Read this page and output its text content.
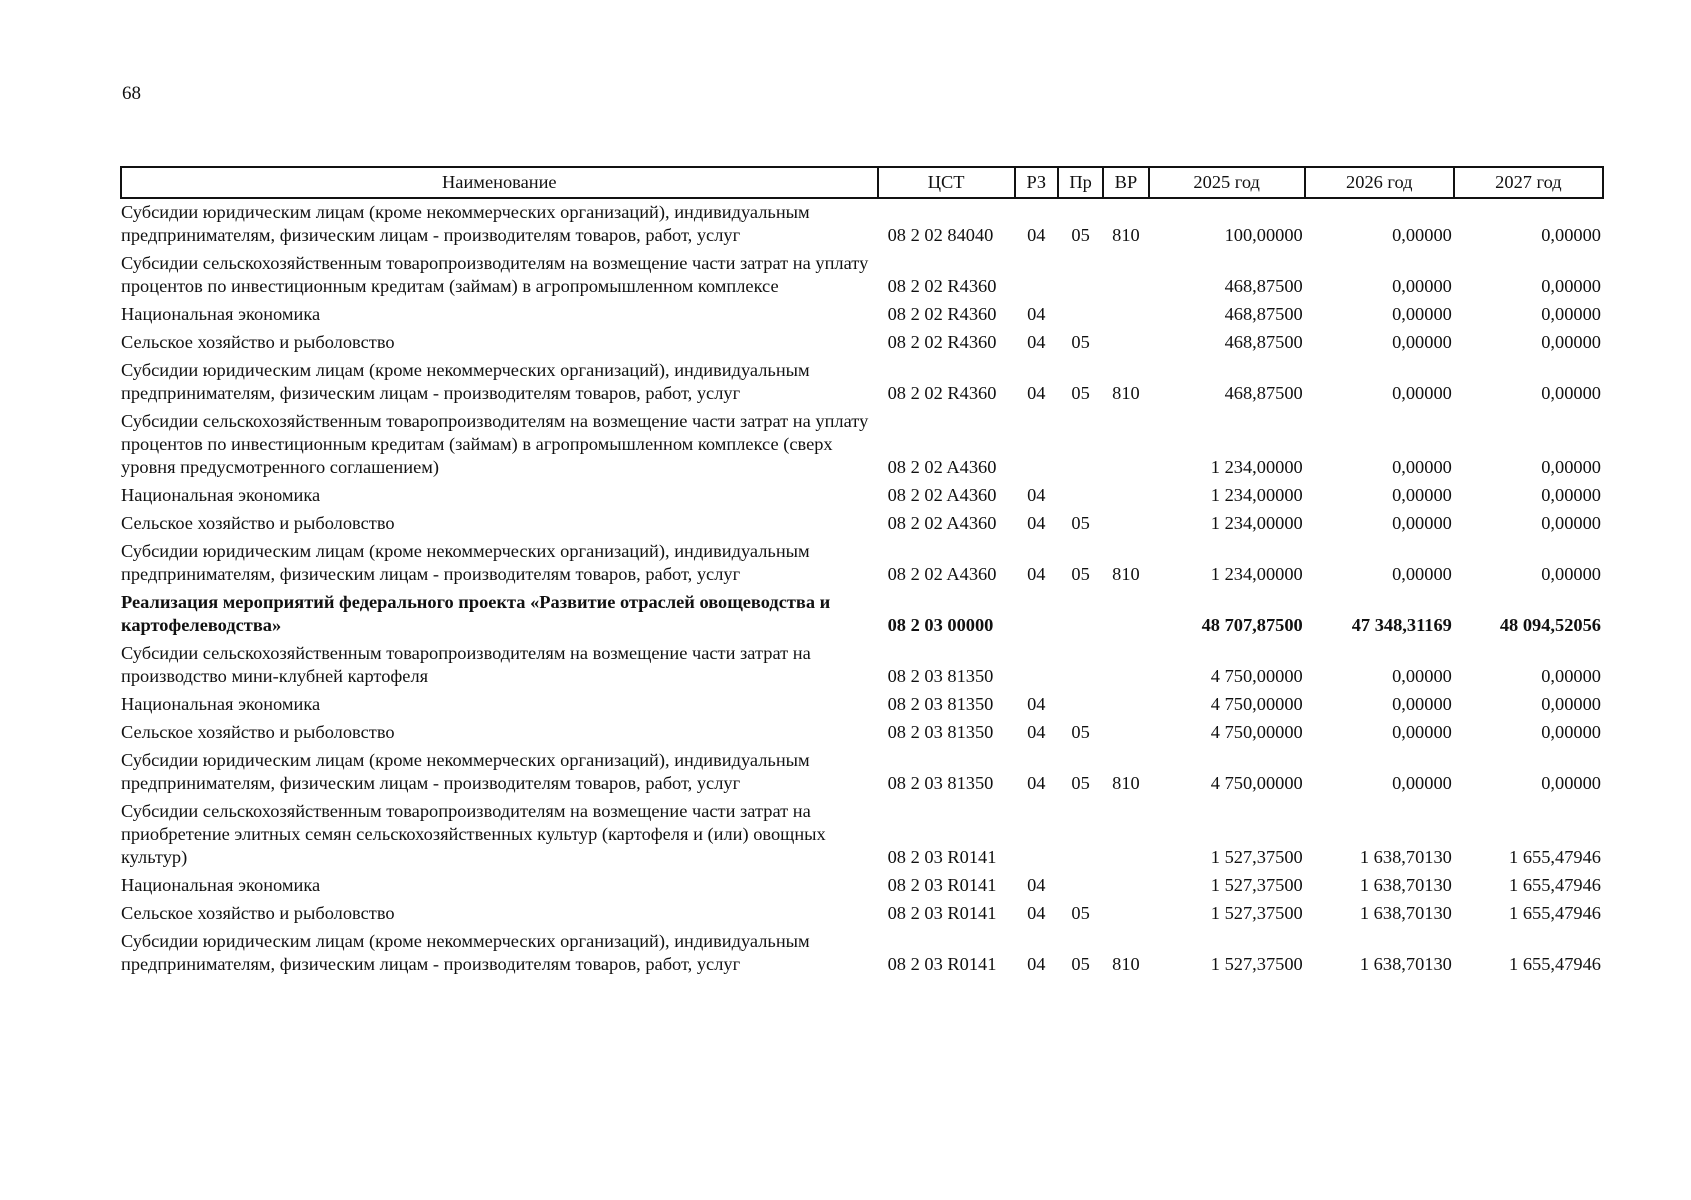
68
Наименование	ЦСТ	РЗ	Пр	ВР	2025 год	2026 год	2027 год
Субсидии юридическим лицам (кроме некоммерческих организаций), индивидуальным предпринимателям, физическим лицам - производителям товаров, работ, услуг	08 2 02 84040	04	05	810	100,00000	0,00000	0,00000
Субсидии сельскохозяйственным товаропроизводителям на возмещение части затрат на уплату процентов по инвестиционным кредитам (займам) в агропромышленном комплексе	08 2 02 R4360				468,87500	0,00000	0,00000
Национальная экономика	08 2 02 R4360	04			468,87500	0,00000	0,00000
Сельское хозяйство и рыболовство	08 2 02 R4360	04	05		468,87500	0,00000	0,00000
Субсидии юридическим лицам (кроме некоммерческих организаций), индивидуальным предпринимателям, физическим лицам - производителям товаров, работ, услуг	08 2 02 R4360	04	05	810	468,87500	0,00000	0,00000
Субсидии сельскохозяйственным товаропроизводителям на возмещение части затрат на уплату процентов по инвестиционным кредитам (займам) в агропромышленном комплексе (сверх уровня предусмотренного соглашением)	08 2 02 A4360				1 234,00000	0,00000	0,00000
Национальная экономика	08 2 02 A4360	04			1 234,00000	0,00000	0,00000
Сельское хозяйство и рыболовство	08 2 02 A4360	04	05		1 234,00000	0,00000	0,00000
Субсидии юридическим лицам (кроме некоммерческих организаций), индивидуальным предпринимателям, физическим лицам - производителям товаров, работ, услуг	08 2 02 A4360	04	05	810	1 234,00000	0,00000	0,00000
Реализация мероприятий федерального проекта «Развитие отраслей овощеводства и картофелеводства»	08 2 03 00000				48 707,87500	47 348,31169	48 094,52056
Субсидии сельскохозяйственным товаропроизводителям на возмещение части затрат на производство мини-клубней картофеля	08 2 03 81350				4 750,00000	0,00000	0,00000
Национальная экономика	08 2 03 81350	04			4 750,00000	0,00000	0,00000
Сельское хозяйство и рыболовство	08 2 03 81350	04	05		4 750,00000	0,00000	0,00000
Субсидии юридическим лицам (кроме некоммерческих организаций), индивидуальным предпринимателям, физическим лицам - производителям товаров, работ, услуг	08 2 03 81350	04	05	810	4 750,00000	0,00000	0,00000
Субсидии сельскохозяйственным товаропроизводителям на возмещение части затрат на приобретение элитных семян сельскохозяйственных культур (картофеля и (или) овощных культур)	08 2 03 R0141				1 527,37500	1 638,70130	1 655,47946
Национальная экономика	08 2 03 R0141	04			1 527,37500	1 638,70130	1 655,47946
Сельское хозяйство и рыболовство	08 2 03 R0141	04	05		1 527,37500	1 638,70130	1 655,47946
Субсидии юридическим лицам (кроме некоммерческих организаций), индивидуальным предпринимателям, физическим лицам - производителям товаров, работ, услуг	08 2 03 R0141	04	05	810	1 527,37500	1 638,70130	1 655,47946
